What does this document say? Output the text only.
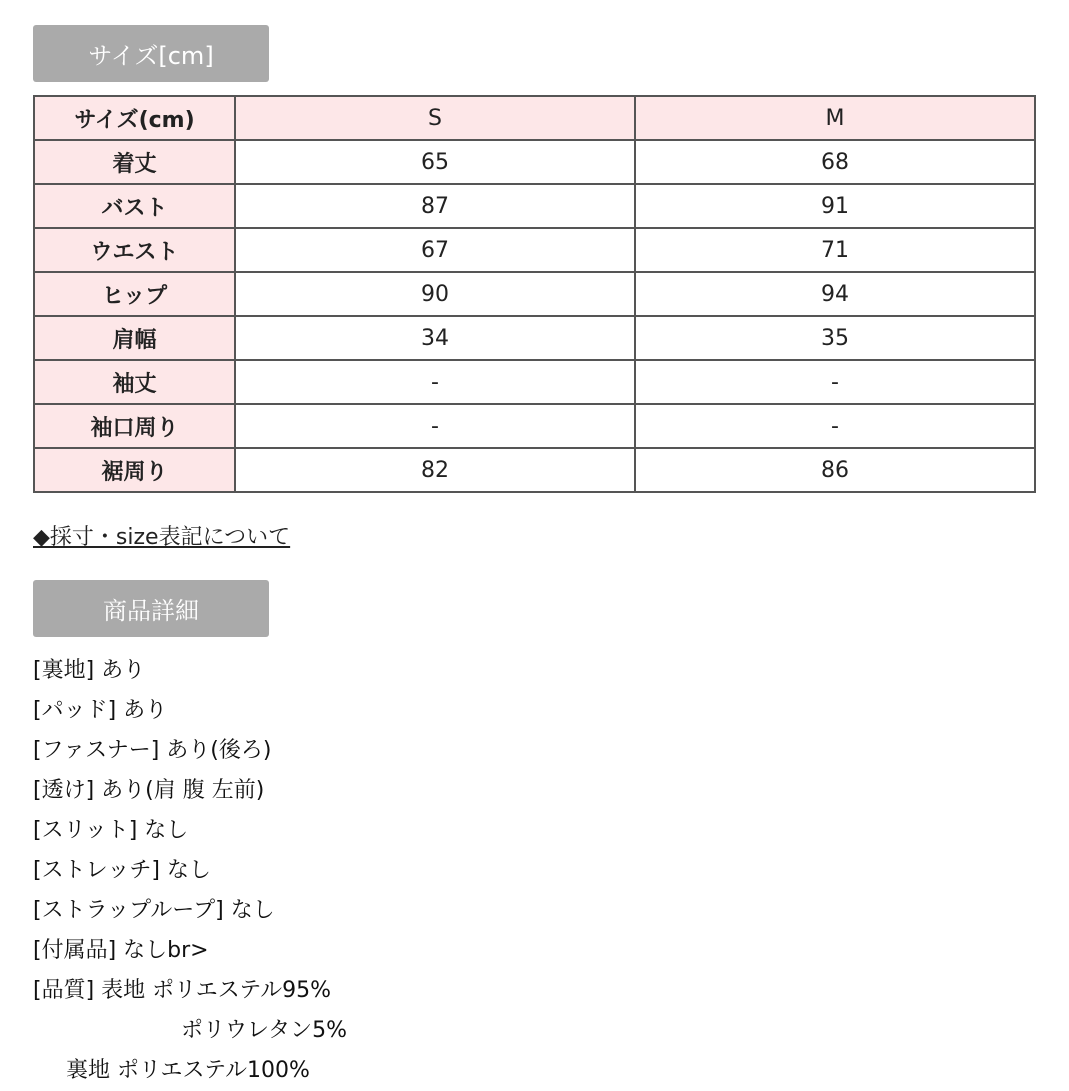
サイズ[cm]
サイズ(cm)	S	M
着丈	65	68
バスト	87	91
ウエスト	67	71
ヒップ	90	94
肩幅	34	35
袖丈	-	-
袖口周り	-	-
裾周り	82	86
◆採寸・size表記について
商品詳細
[裏地] あり
[パッド] あり
[ファスナー] あり(後ろ)
[透け] あり(肩 腹 左前)
[スリット] なし
[ストレッチ] なし
[ストラップループ] なし
[付属品] なしbr>
[品質] 表地 ポリエステル95%
ポリウレタン5%
裏地 ポリエステル100%
